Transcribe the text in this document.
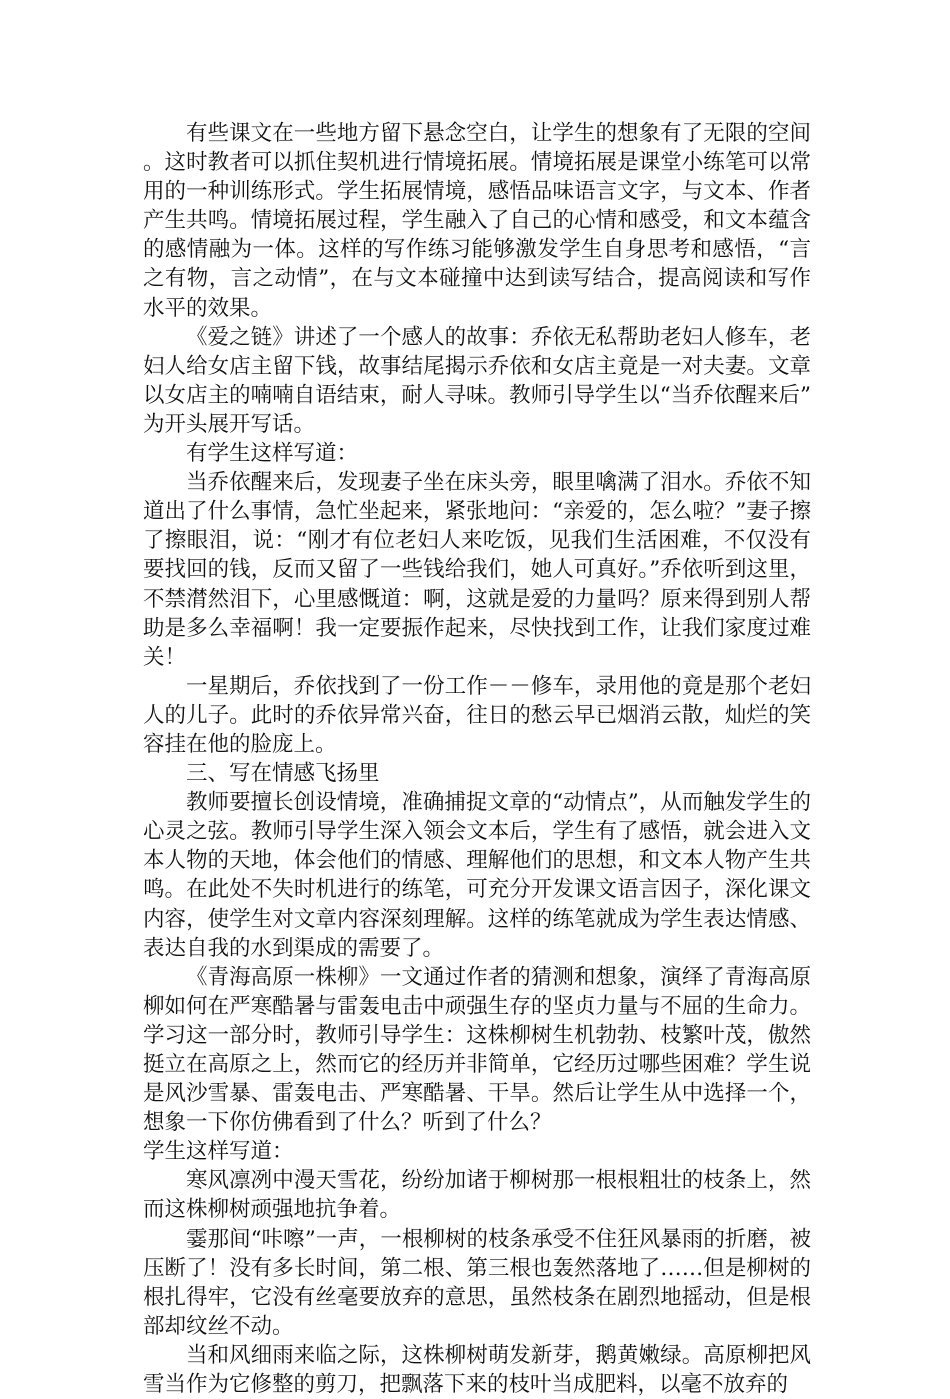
有些课文在一些地方留下悬念空白，让学生的想象有了无限的空间。这时教者可以抓住契机进行情境拓展。情境拓展是课堂小练笔可以常用的一种训练形式。学生拓展情境，感悟品味语言文字，与文本、作者产生共鸣。情境拓展过程，学生融入了自己的心情和感受，和文本蕴含的感情融为一体。这样的写作练习能够激发学生自身思考和感悟，“言之有物，言之动情”，在与文本碰撞中达到读写结合，提高阅读和写作水平的效果。

《爱之链》讲述了一个感人的故事：乔依无私帮助老妇人修车，老妇人给女店主留下钱，故事结尾揭示乔依和女店主竟是一对夫妻。文章以女店主的喃喃自语结束，耐人寻味。教师引导学生以“当乔依醒来后”为开头展开写话。

有学生这样写道：

当乔依醒来后，发现妻子坐在床头旁，眼里噙满了泪水。乔依不知道出了什么事情，急忙坐起来，紧张地问：“亲爱的，怎么啦？”妻子擦了擦眼泪，说：“刚才有位老妇人来吃饭，见我们生活困难，不仅没有要找回的钱，反而又留了一些钱给我们，她人可真好。”乔依听到这里，不禁潸然泪下，心里感慨道：啊，这就是爱的力量吗？原来得到别人帮助是多么幸福啊！我一定要振作起来，尽快找到工作，让我们家度过难关！

一星期后，乔依找到了一份工作－－修车，录用他的竟是那个老妇人的儿子。此时的乔依异常兴奋，往日的愁云早已烟消云散，灿烂的笑容挂在他的脸庞上。

三、写在情感飞扬里

教师要擅长创设情境，准确捕捉文章的“动情点”，从而触发学生的心灵之弦。教师引导学生深入领会文本后，学生有了感悟，就会进入文本人物的天地，体会他们的情感、理解他们的思想，和文本人物产生共鸣。在此处不失时机进行的练笔，可充分开发课文语言因子，深化课文内容，使学生对文章内容深刻理解。这样的练笔就成为学生表达情感、表达自我的水到渠成的需要了。

《青海高原一株柳》一文通过作者的猜测和想象，演绎了青海高原柳如何在严寒酷暑与雷轰电击中顽强生存的坚贞力量与不屈的生命力。学习这一部分时，教师引导学生：这株柳树生机勃勃、枝繁叶茂，傲然挺立在高原之上，然而它的经历并非简单，它经历过哪些困难？学生说是风沙雪暴、雷轰电击、严寒酷暑、干旱。然后让学生从中选择一个，想象一下你仿佛看到了什么？听到了什么？

学生这样写道：

寒风凛冽中漫天雪花，纷纷加诸于柳树那一根根粗壮的枝条上，然而这株柳树顽强地抗争着。

霎那间“咔嚓”一声，一根柳树的枝条承受不住狂风暴雨的折磨，被压断了！没有多长时间，第二根、第三根也轰然落地了……但是柳树的根扎得牢，它没有丝毫要放弃的意思，虽然枝条在剧烈地摇动，但是根部却纹丝不动。

当和风细雨来临之际，这株柳树萌发新芽，鹅黄嫩绿。高原柳把风雪当作为它修整的剪刀，把飘落下来的枝叶当成肥料，以毫不放弃的
